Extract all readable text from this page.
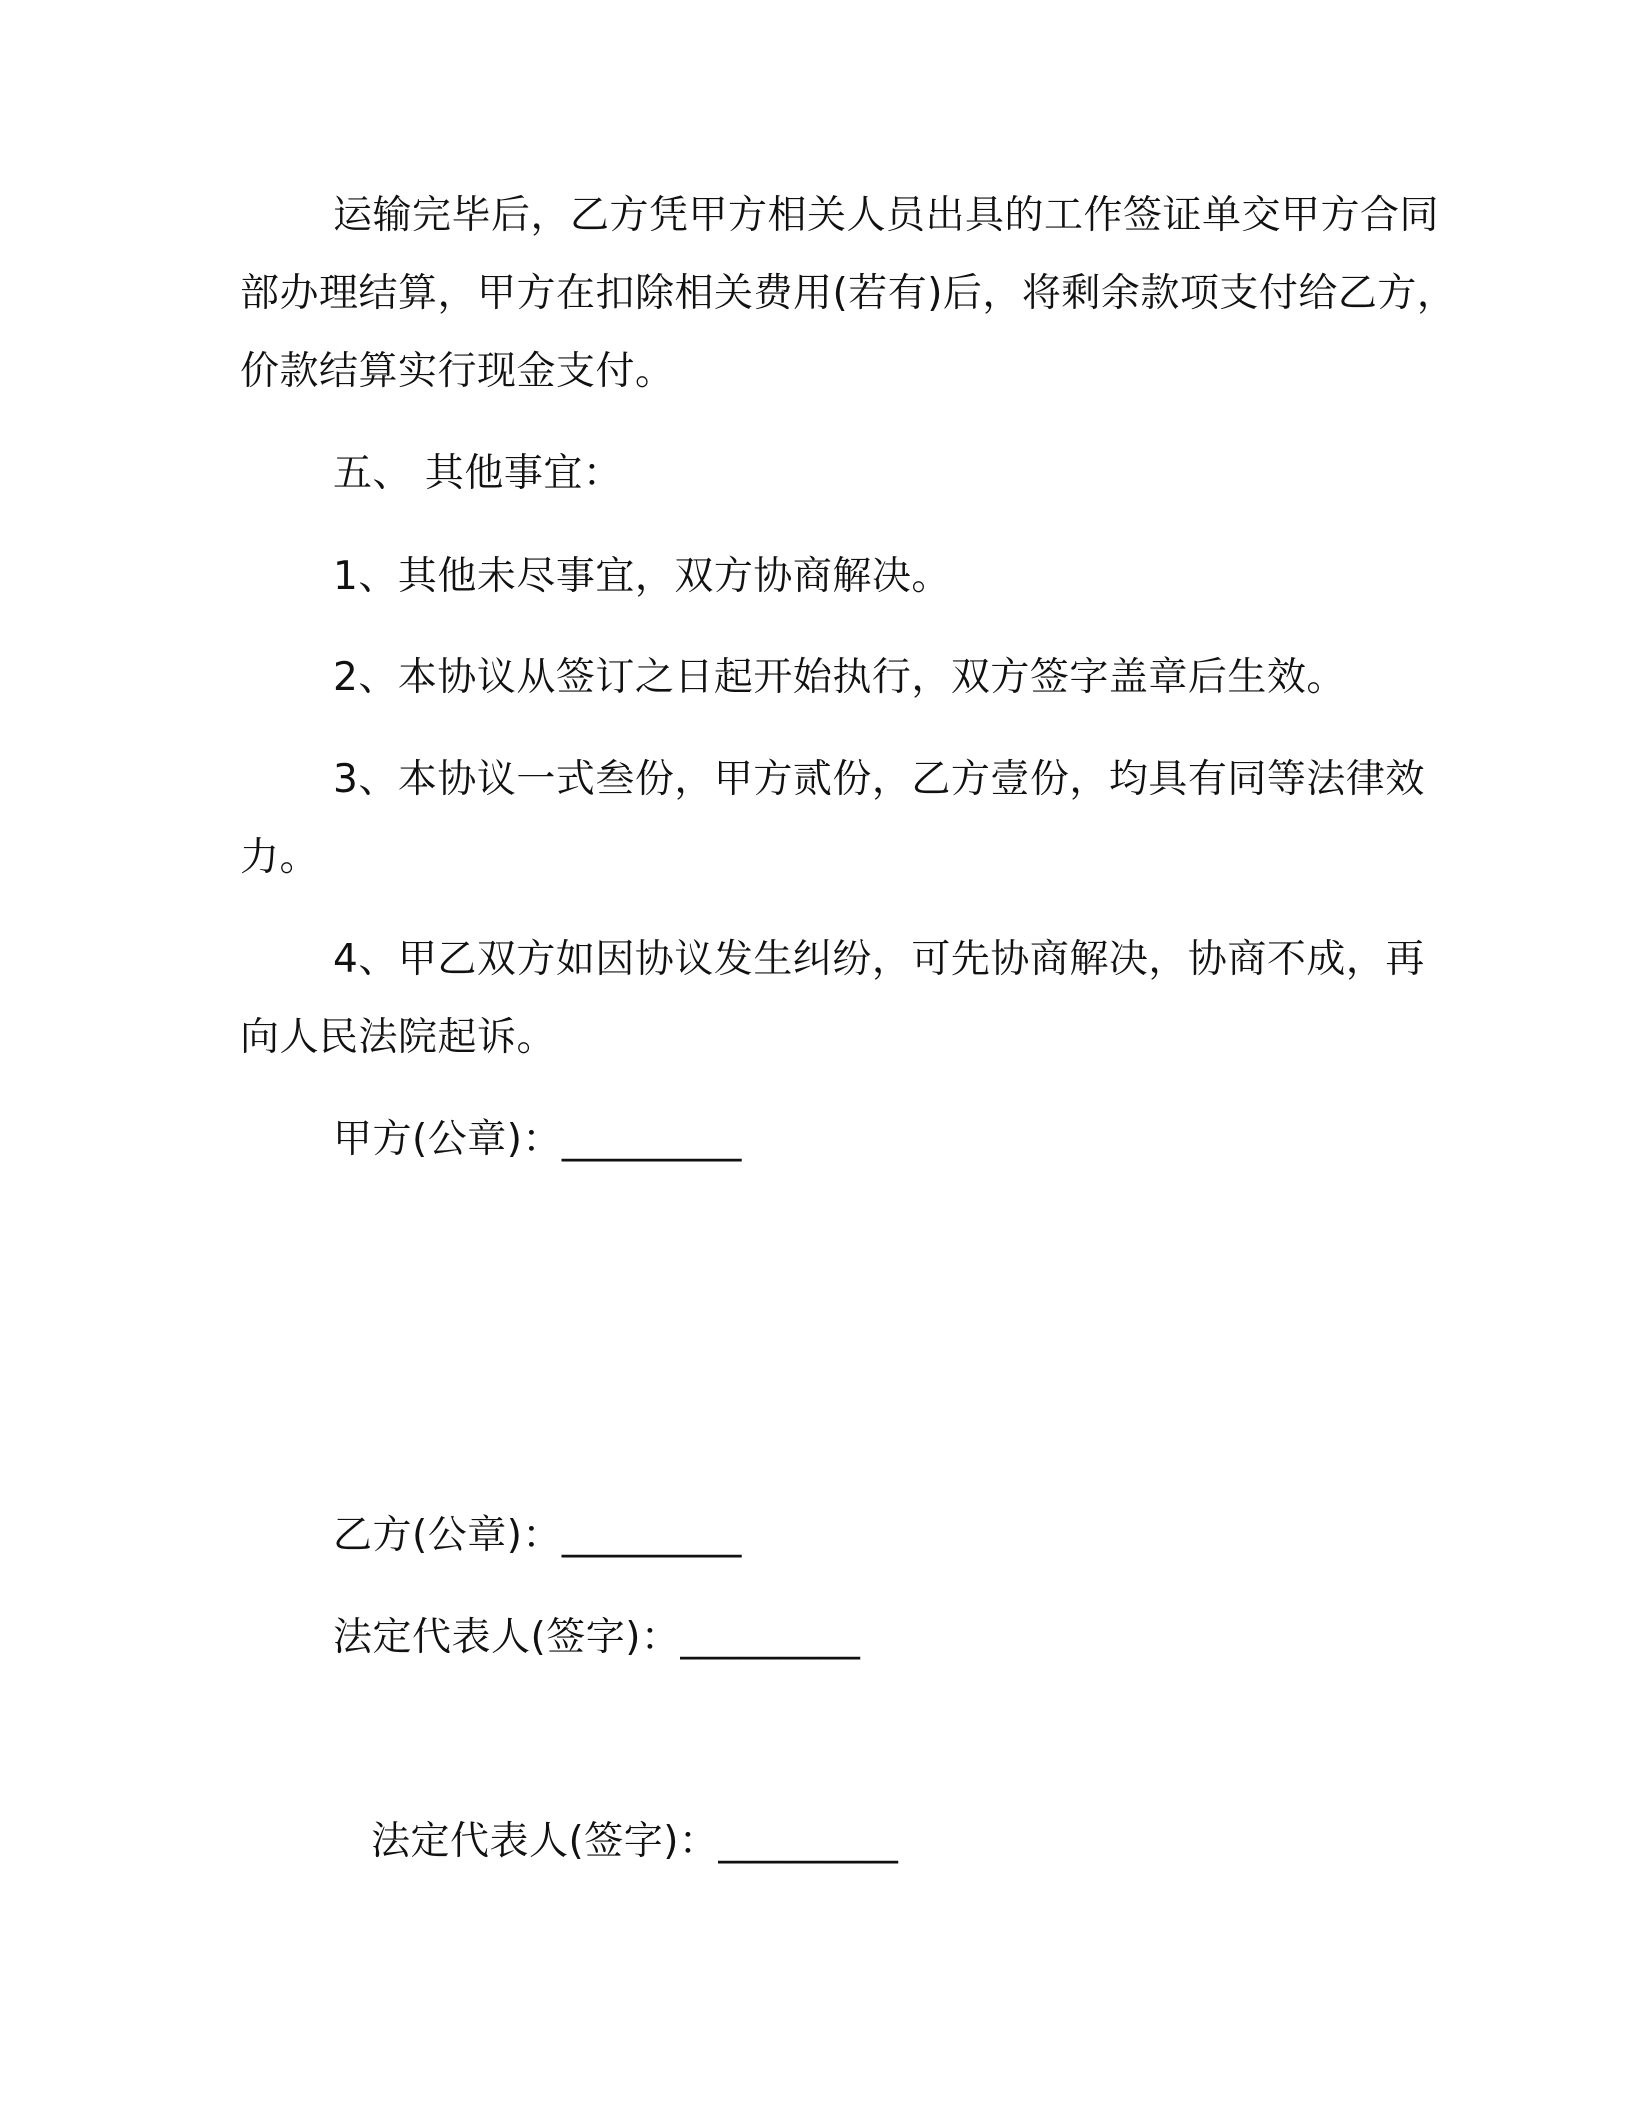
运输完毕后，乙方凭甲方相关人员出具的工作签证单交甲方合同
部办理结算，甲方在扣除相关费用(若有)后，将剩余款项支付给乙方，
价款结算实行现金支付。
五、 其他事宜：
1、其他未尽事宜，双方协商解决。
2、本协议从签订之日起开始执行，双方签字盖章后生效。
3、本协议一式叁份，甲方贰份，乙方壹份，均具有同等法律效
力。
4、甲乙双方如因协议发生纠纷，可先协商解决，协商不成，再
向人民法院起诉。
甲方(公章)：_________
乙方(公章)：_________
法定代表人(签字)：_________
法定代表人(签字)：_________
